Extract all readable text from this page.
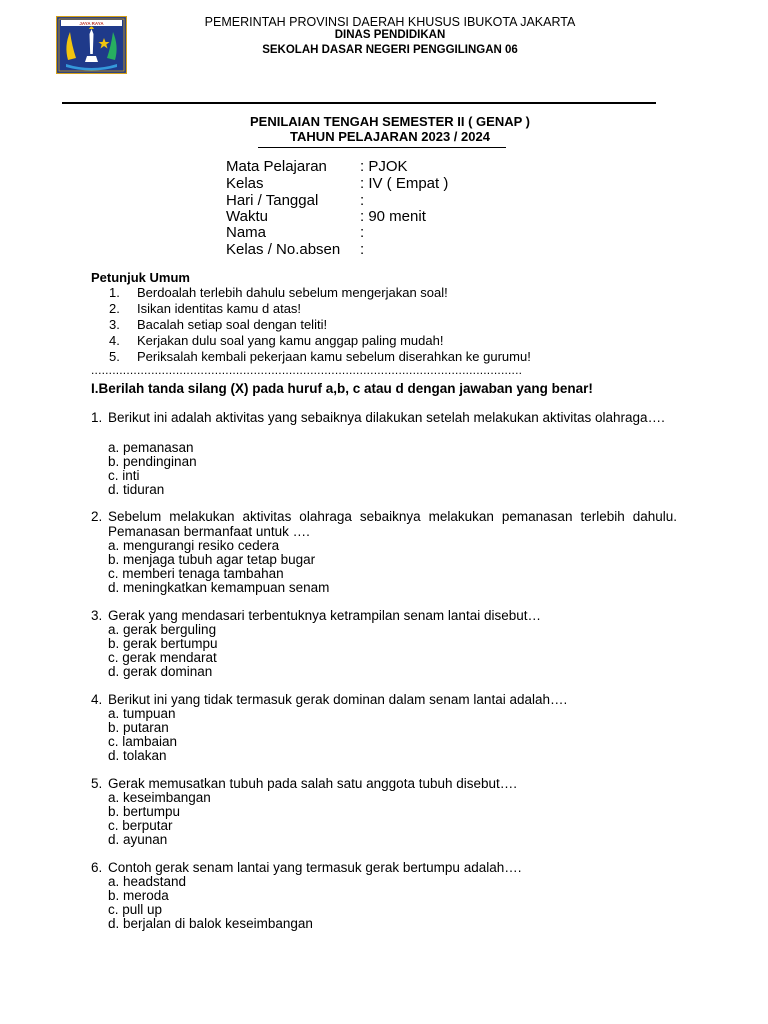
JAYA RAYA	PEMERINTAH PROVINSI DAERAH KHUSUS IBUKOTA JAKARTA
DINAS PENDIDIKAN
SEKOLAH DASAR NEGERI PENGGILINGAN 06
PENILAIAN TENGAH SEMESTER II ( GENAP )
TAHUN PELAJARAN 2023 / 2024
Mata Pelajaran : PJOK
Kelas	: IV ( Empat )
Hari / Tanggal	:
Waktu	: 90 menit
Nama	:
Kelas / No.absen :
Petunjuk Umum
1. Berdoalah terlebih dahulu sebelum mengerjakan soal!
2. Isikan identitas kamu d atas!
3. Bacalah setiap soal dengan teliti!
4. Kerjakan dulu soal yang kamu anggap paling mudah!
5. Periksalah kembali pekerjaan kamu sebelum diserahkan ke gurumu!
..........................................................................................................................
I.Berilah tanda silang (X) pada huruf a,b, c atau d dengan jawaban yang benar!
1. Berikut ini adalah aktivitas yang sebaiknya dilakukan setelah melakukan aktivitas olahraga….
a. pemanasan
b. pendinginan
c. inti
d. tiduran
2. Sebelum melakukan aktivitas olahraga sebaiknya melakukan pemanasan terlebih dahulu. Pemanasan bermanfaat untuk ….
a. mengurangi resiko cedera
b. menjaga tubuh agar tetap bugar
c. memberi tenaga tambahan
d. meningkatkan kemampuan senam
3. Gerak yang mendasari terbentuknya ketrampilan senam lantai disebut…
a. gerak berguling
b. gerak bertumpu
c. gerak mendarat
d. gerak dominan
4. Berikut ini yang tidak termasuk gerak dominan dalam senam lantai adalah….
a. tumpuan
b. putaran
c. lambaian
d. tolakan
5. Gerak memusatkan tubuh pada salah satu anggota tubuh disebut….
a. keseimbangan
b. bertumpu
c. berputar
d. ayunan
6. Contoh gerak senam lantai yang termasuk gerak bertumpu adalah….
a. headstand
b. meroda
c. pull up
d. berjalan di balok keseimbangan
